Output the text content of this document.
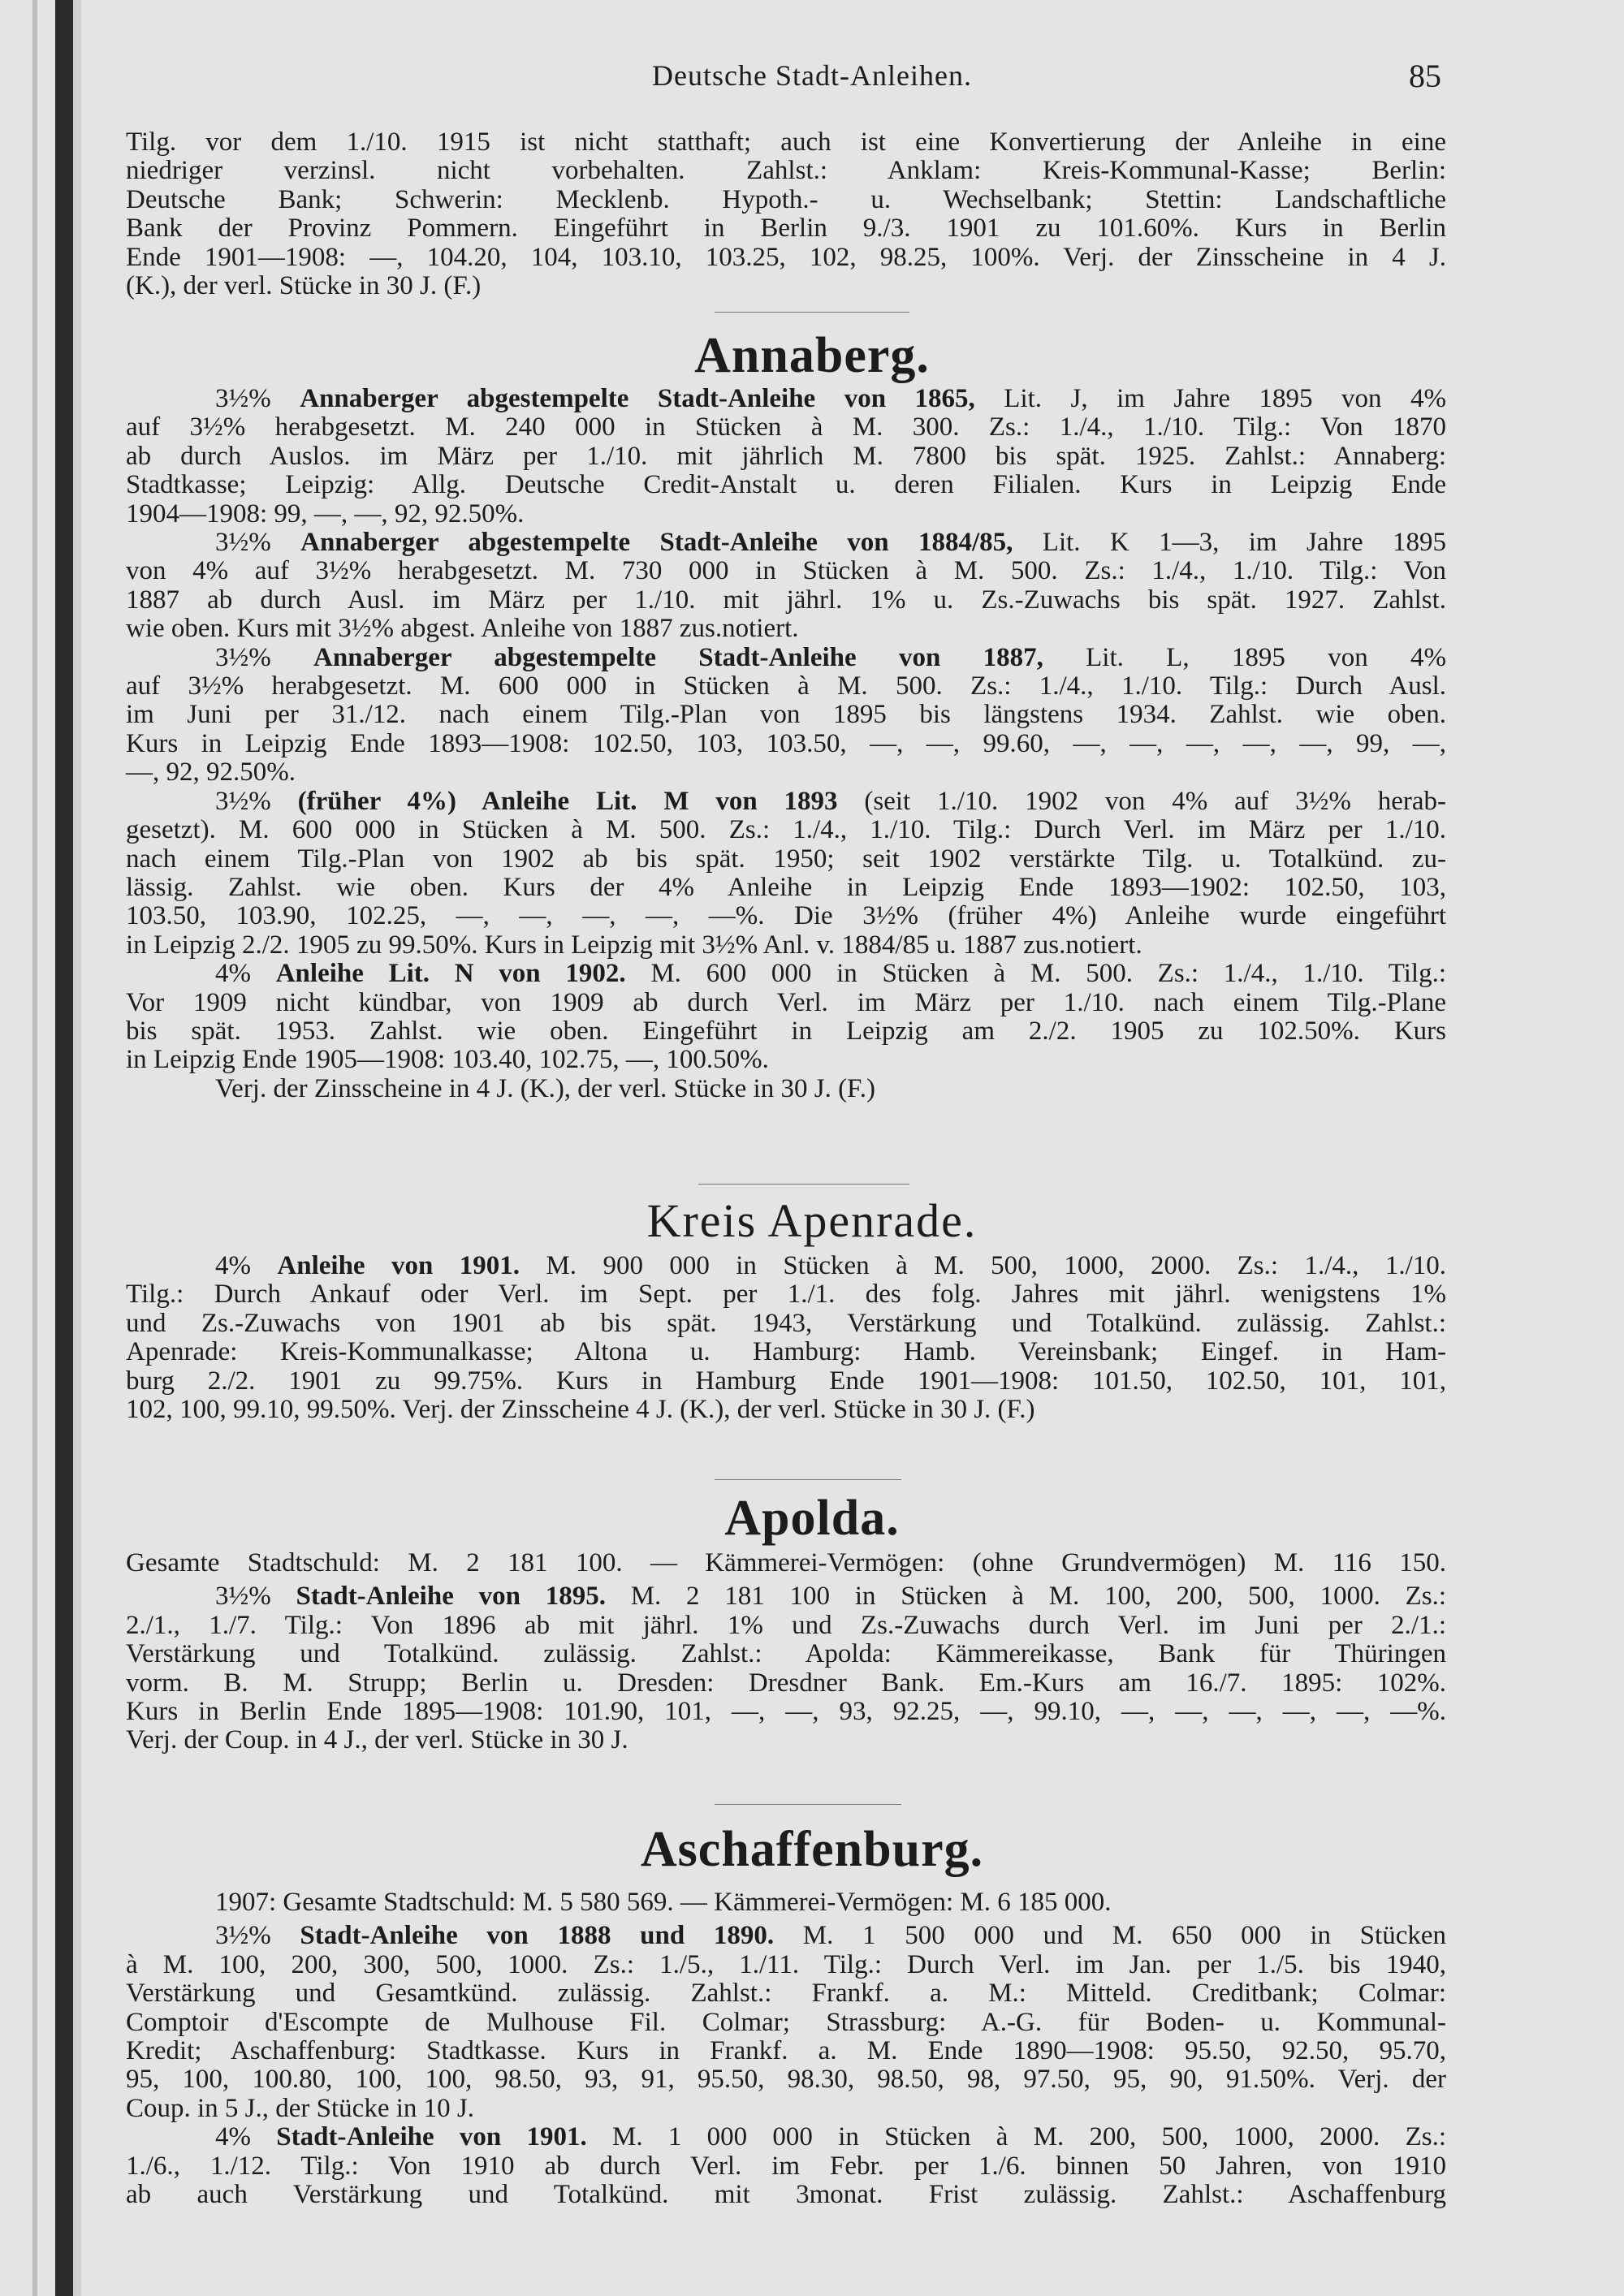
Deutsche Stadt-Anleihen.	85
Tilg. vor dem 1./10. 1915 ist nicht statthaft; auch ist eine Konvertierung der Anleihe in eine
niedriger verzinsl. nicht vorbehalten. Zahlst.: Anklam: Kreis-Kommunal-Kasse; Berlin:
Deutsche Bank; Schwerin: Mecklenb. Hypoth.- u. Wechselbank; Stettin: Landschaftliche
Bank der Provinz Pommern. Eingeführt in Berlin 9./3. 1901 zu 101.60%. Kurs in Berlin
Ende 1901—1908: —, 104.20, 104, 103.10, 103.25, 102, 98.25, 100%. Verj. der Zinsscheine in 4 J.
(K.), der verl. Stücke in 30 J. (F.)
Annaberg.
3½% Annaberger abgestempelte Stadt-Anleihe von 1865, Lit. J, im Jahre 1895 von 4%
auf 3½% herabgesetzt. M. 240 000 in Stücken à M. 300. Zs.: 1./4., 1./10. Tilg.: Von 1870
ab durch Auslos. im März per 1./10. mit jährlich M. 7800 bis spät. 1925. Zahlst.: Annaberg:
Stadtkasse; Leipzig: Allg. Deutsche Credit-Anstalt u. deren Filialen. Kurs in Leipzig Ende
1904—1908: 99, —, —, 92, 92.50%.
3½% Annaberger abgestempelte Stadt-Anleihe von 1884/85, Lit. K 1—3, im Jahre 1895
von 4% auf 3½% herabgesetzt. M. 730 000 in Stücken à M. 500. Zs.: 1./4., 1./10. Tilg.: Von
1887 ab durch Ausl. im März per 1./10. mit jährl. 1% u. Zs.-Zuwachs bis spät. 1927. Zahlst.
wie oben. Kurs mit 3½% abgest. Anleihe von 1887 zus.notiert.
3½% Annaberger abgestempelte Stadt-Anleihe von 1887, Lit. L, 1895 von 4%
auf 3½% herabgesetzt. M. 600 000 in Stücken à M. 500. Zs.: 1./4., 1./10. Tilg.: Durch Ausl.
im Juni per 31./12. nach einem Tilg.-Plan von 1895 bis längstens 1934. Zahlst. wie oben.
Kurs in Leipzig Ende 1893—1908: 102.50, 103, 103.50, —, —, 99.60, —, —, —, —, —, 99, —,
—, 92, 92.50%.
3½% (früher 4%) Anleihe Lit. M von 1893 (seit 1./10. 1902 von 4% auf 3½% herab-
gesetzt). M. 600 000 in Stücken à M. 500. Zs.: 1./4., 1./10. Tilg.: Durch Verl. im März per 1./10.
nach einem Tilg.-Plan von 1902 ab bis spät. 1950; seit 1902 verstärkte Tilg. u. Totalkünd. zu-
lässig. Zahlst. wie oben. Kurs der 4% Anleihe in Leipzig Ende 1893—1902: 102.50, 103,
103.50, 103.90, 102.25, —, —, —, —, —%. Die 3½% (früher 4%) Anleihe wurde eingeführt
in Leipzig 2./2. 1905 zu 99.50%. Kurs in Leipzig mit 3½% Anl. v. 1884/85 u. 1887 zus.notiert.
4% Anleihe Lit. N von 1902. M. 600 000 in Stücken à M. 500. Zs.: 1./4., 1./10. Tilg.:
Vor 1909 nicht kündbar, von 1909 ab durch Verl. im März per 1./10. nach einem Tilg.-Plane
bis spät. 1953. Zahlst. wie oben. Eingeführt in Leipzig am 2./2. 1905 zu 102.50%. Kurs
in Leipzig Ende 1905—1908: 103.40, 102.75, —, 100.50%.
Verj. der Zinsscheine in 4 J. (K.), der verl. Stücke in 30 J. (F.)
Kreis Apenrade.
4% Anleihe von 1901. M. 900 000 in Stücken à M. 500, 1000, 2000. Zs.: 1./4., 1./10.
Tilg.: Durch Ankauf oder Verl. im Sept. per 1./1. des folg. Jahres mit jährl. wenigstens 1%
und Zs.-Zuwachs von 1901 ab bis spät. 1943, Verstärkung und Totalkünd. zulässig. Zahlst.:
Apenrade: Kreis-Kommunalkasse; Altona u. Hamburg: Hamb. Vereinsbank; Eingef. in Ham-
burg 2./2. 1901 zu 99.75%. Kurs in Hamburg Ende 1901—1908: 101.50, 102.50, 101, 101,
102, 100, 99.10, 99.50%. Verj. der Zinsscheine 4 J. (K.), der verl. Stücke in 30 J. (F.)
Apolda.
Gesamte Stadtschuld: M. 2 181 100. — Kämmerei-Vermögen: (ohne Grundvermögen) M. 116 150.
3½% Stadt-Anleihe von 1895. M. 2 181 100 in Stücken à M. 100, 200, 500, 1000. Zs.:
2./1., 1./7. Tilg.: Von 1896 ab mit jährl. 1% und Zs.-Zuwachs durch Verl. im Juni per 2./1.:
Verstärkung und Totalkünd. zulässig. Zahlst.: Apolda: Kämmereikasse, Bank für Thüringen
vorm. B. M. Strupp; Berlin u. Dresden: Dresdner Bank. Em.-Kurs am 16./7. 1895: 102%.
Kurs in Berlin Ende 1895—1908: 101.90, 101, —, —, 93, 92.25, —, 99.10, —, —, —, —, —, —%.
Verj. der Coup. in 4 J., der verl. Stücke in 30 J.
Aschaffenburg.
1907: Gesamte Stadtschuld: M. 5 580 569. — Kämmerei-Vermögen: M. 6 185 000.
3½% Stadt-Anleihe von 1888 und 1890. M. 1 500 000 und M. 650 000 in Stücken
à M. 100, 200, 300, 500, 1000. Zs.: 1./5., 1./11. Tilg.: Durch Verl. im Jan. per 1./5. bis 1940,
Verstärkung und Gesamtkünd. zulässig. Zahlst.: Frankf. a. M.: Mitteld. Creditbank; Colmar:
Comptoir d'Escompte de Mulhouse Fil. Colmar; Strassburg: A.-G. für Boden- u. Kommunal-
Kredit; Aschaffenburg: Stadtkasse. Kurs in Frankf. a. M. Ende 1890—1908: 95.50, 92.50, 95.70,
95, 100, 100.80, 100, 100, 98.50, 93, 91, 95.50, 98.30, 98.50, 98, 97.50, 95, 90, 91.50%. Verj. der
Coup. in 5 J., der Stücke in 10 J.
4% Stadt-Anleihe von 1901. M. 1 000 000 in Stücken à M. 200, 500, 1000, 2000. Zs.:
1./6., 1./12. Tilg.: Von 1910 ab durch Verl. im Febr. per 1./6. binnen 50 Jahren, von 1910
ab auch Verstärkung und Totalkünd. mit 3monat. Frist zulässig. Zahlst.: Aschaffenburg
